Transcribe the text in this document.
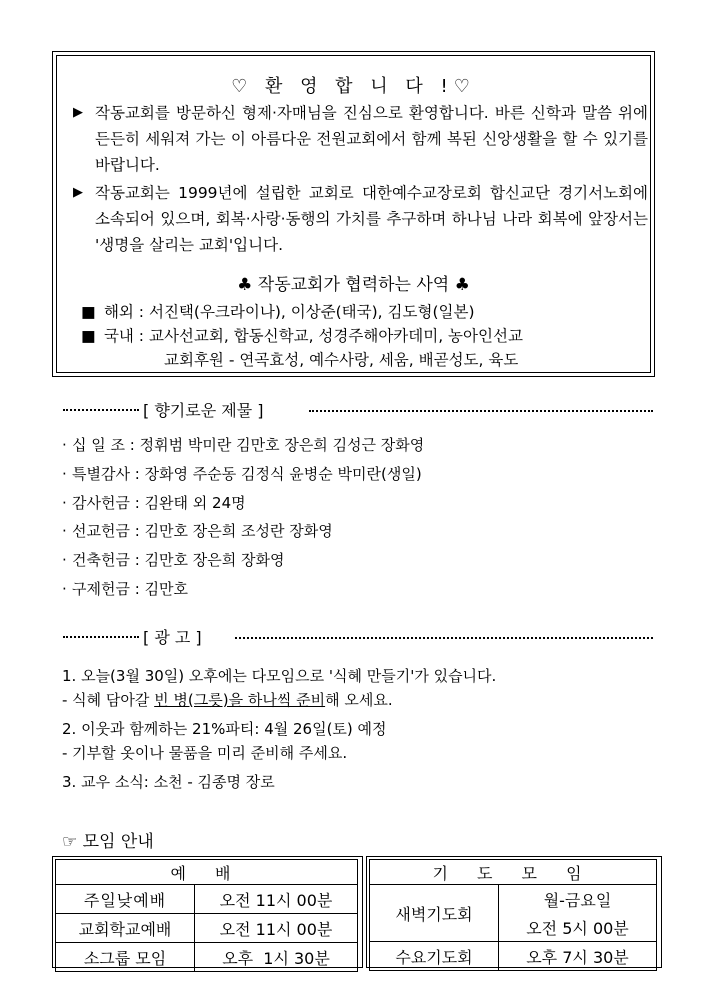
♡ 환 영 합 니 다 !♡
▶ 작동교회를 방문하신 형제·자매님을 진심으로 환영합니다. 바른 신학과 말씀 위에 든든히 세워져 가는 이 아름다운 전원교회에서 함께 복된 신앙생활을 할 수 있기를 바랍니다.
▶ 작동교회는 1999년에 설립한 교회로 대한예수교장로회 합신교단 경기서노회에 소속되어 있으며, 회복·사랑·동행의 가치를 추구하며 하나님 나라 회복에 앞장서는 '생명을 살리는 교회'입니다.
♣ 작동교회가 협력하는 사역 ♣
■ 해외 : 서진택(우크라이나), 이상준(태국), 김도형(일본)
■ 국내 : 교사선교회, 합동신학교, 성경주해아카데미, 농아인선교
교회후원 - 연곡효성, 예수사랑, 세움, 배곧성도, 육도
[ 향기로운 제물 ]
· 십 일 조 : 정휘범 박미란 김만호 장은희 김성근 장화영
· 특별감사 : 장화영 주순동 김정식 윤병순 박미란(생일)
· 감사헌금 : 김완태 외 24명
· 선교헌금 : 김만호 장은희 조성란 장화영
· 건축헌금 : 김만호 장은희 장화영
· 구제헌금 : 김만호
[ 광 고 ]
1. 오늘(3월 30일) 오후에는 다모임으로 '식혜 만들기'가 있습니다.
- 식혜 담아갈 빈 병(그릇)을 하나씩 준비해 오세요.
2. 이웃과 함께하는 21%파티: 4월 26일(토) 예정
- 기부할 옷이나 물품을 미리 준비해 주세요.
3. 교우 소식: 소천 - 김종명 장로
☞ 모임 안내
예 배	
주일낮예배	오전 11시 00분
교회학교예배	오전 11시 00분
소그룹 모임	오후  1시 30분
기 도 모 임	
새벽기도회	월-금요일
	오전 5시 00분
수요기도회	오후 7시 30분
